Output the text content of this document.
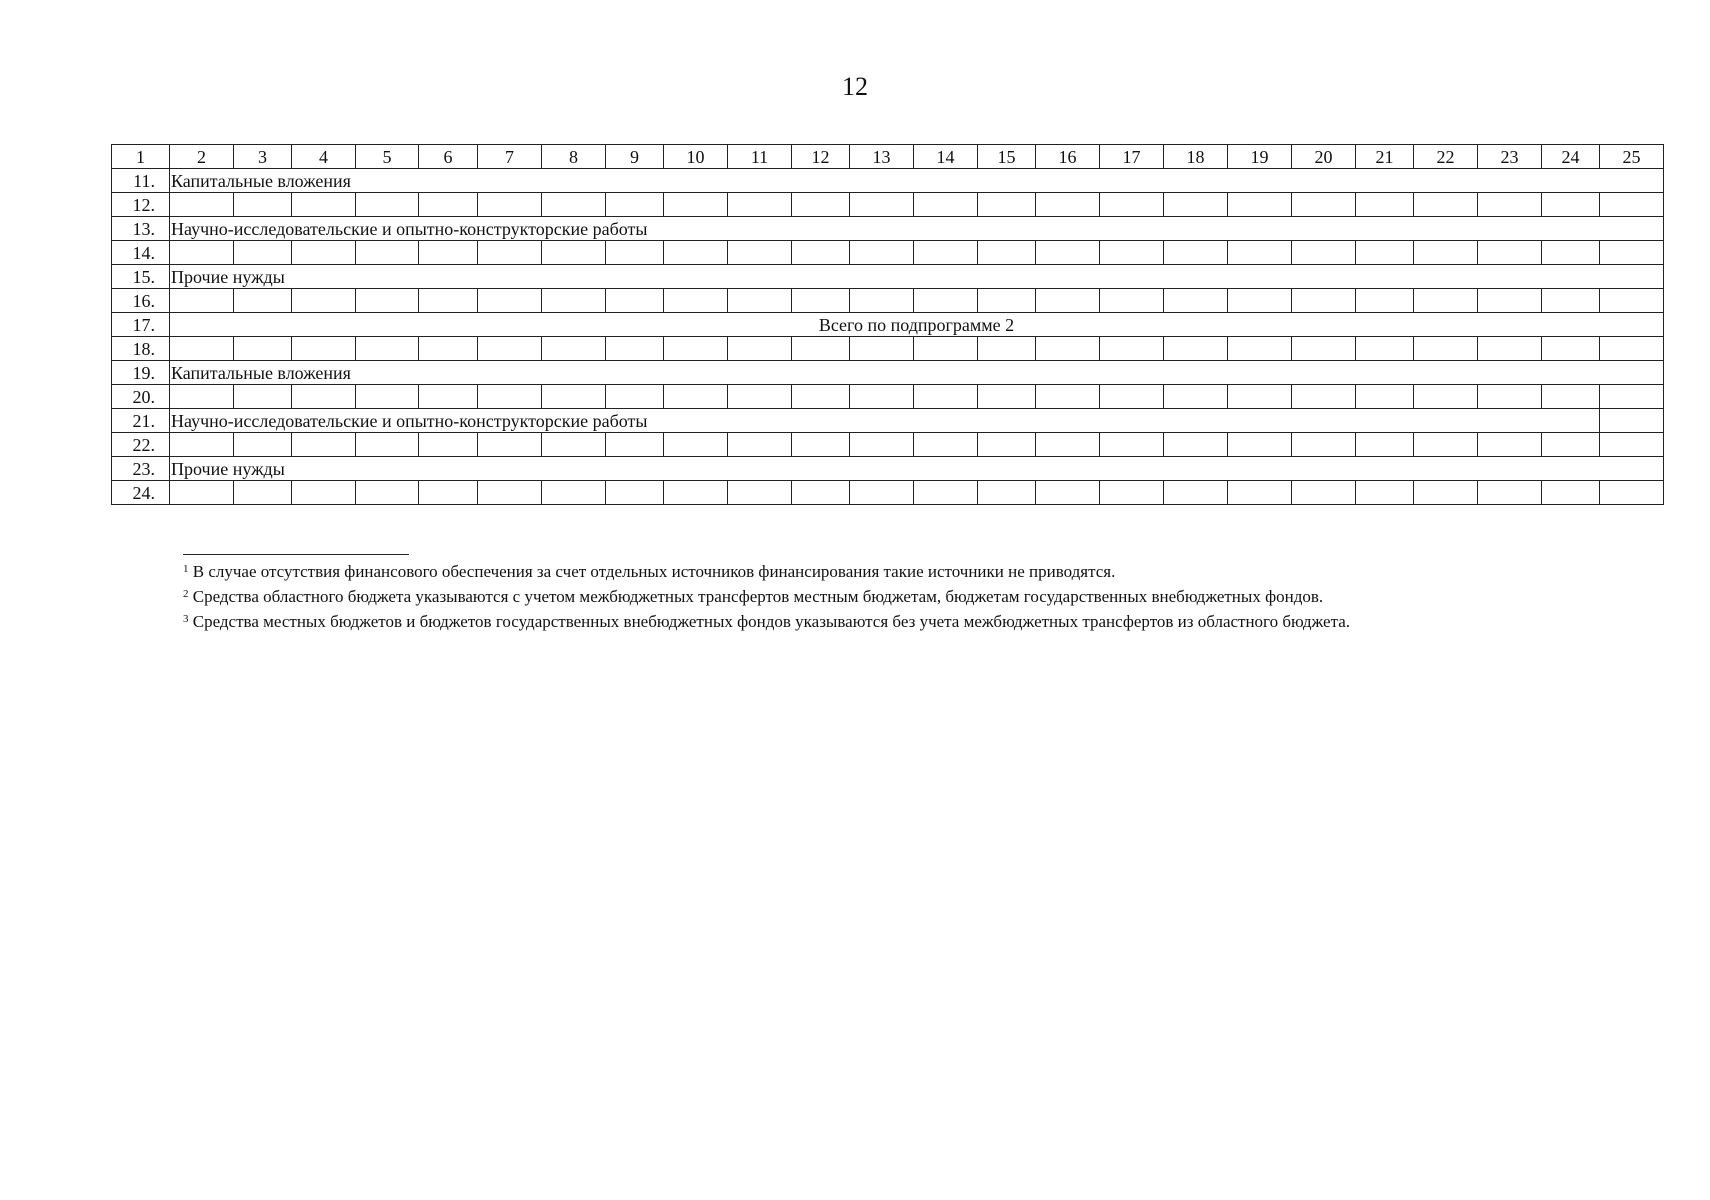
12
1	2	3	4	5	6	7	8	9	10	11	12	13	14	15	16	17	18	19	20	21	22	23	24	25
11.	Капитальные вложения																							
12.																								
13.	Научно-исследовательские и опытно-конструкторские работы																							
14.																								
15.	Прочие нужды																							
16.																								
17.	Всего по подпрограмме 2																							
18.																								
19.	Капитальные вложения																							
20.																								
21.	Научно-исследовательские и опытно-конструкторские работы																							
22.																								
23.	Прочие нужды																							
24.																								

$^1$ В случае отсутствия финансового обеспечения за счет отдельных источников финансирования такие источники не приводятся.

$^2$ Средства областного бюджета указываются с учетом межбюджетных трансфертов местным бюджетам, бюджетам государственных внебюджетных фондов.

$^3$ Средства местных бюджетов и бюджетов государственных внебюджетных фондов указываются без учета межбюджетных трансфертов из областного бюджета.
